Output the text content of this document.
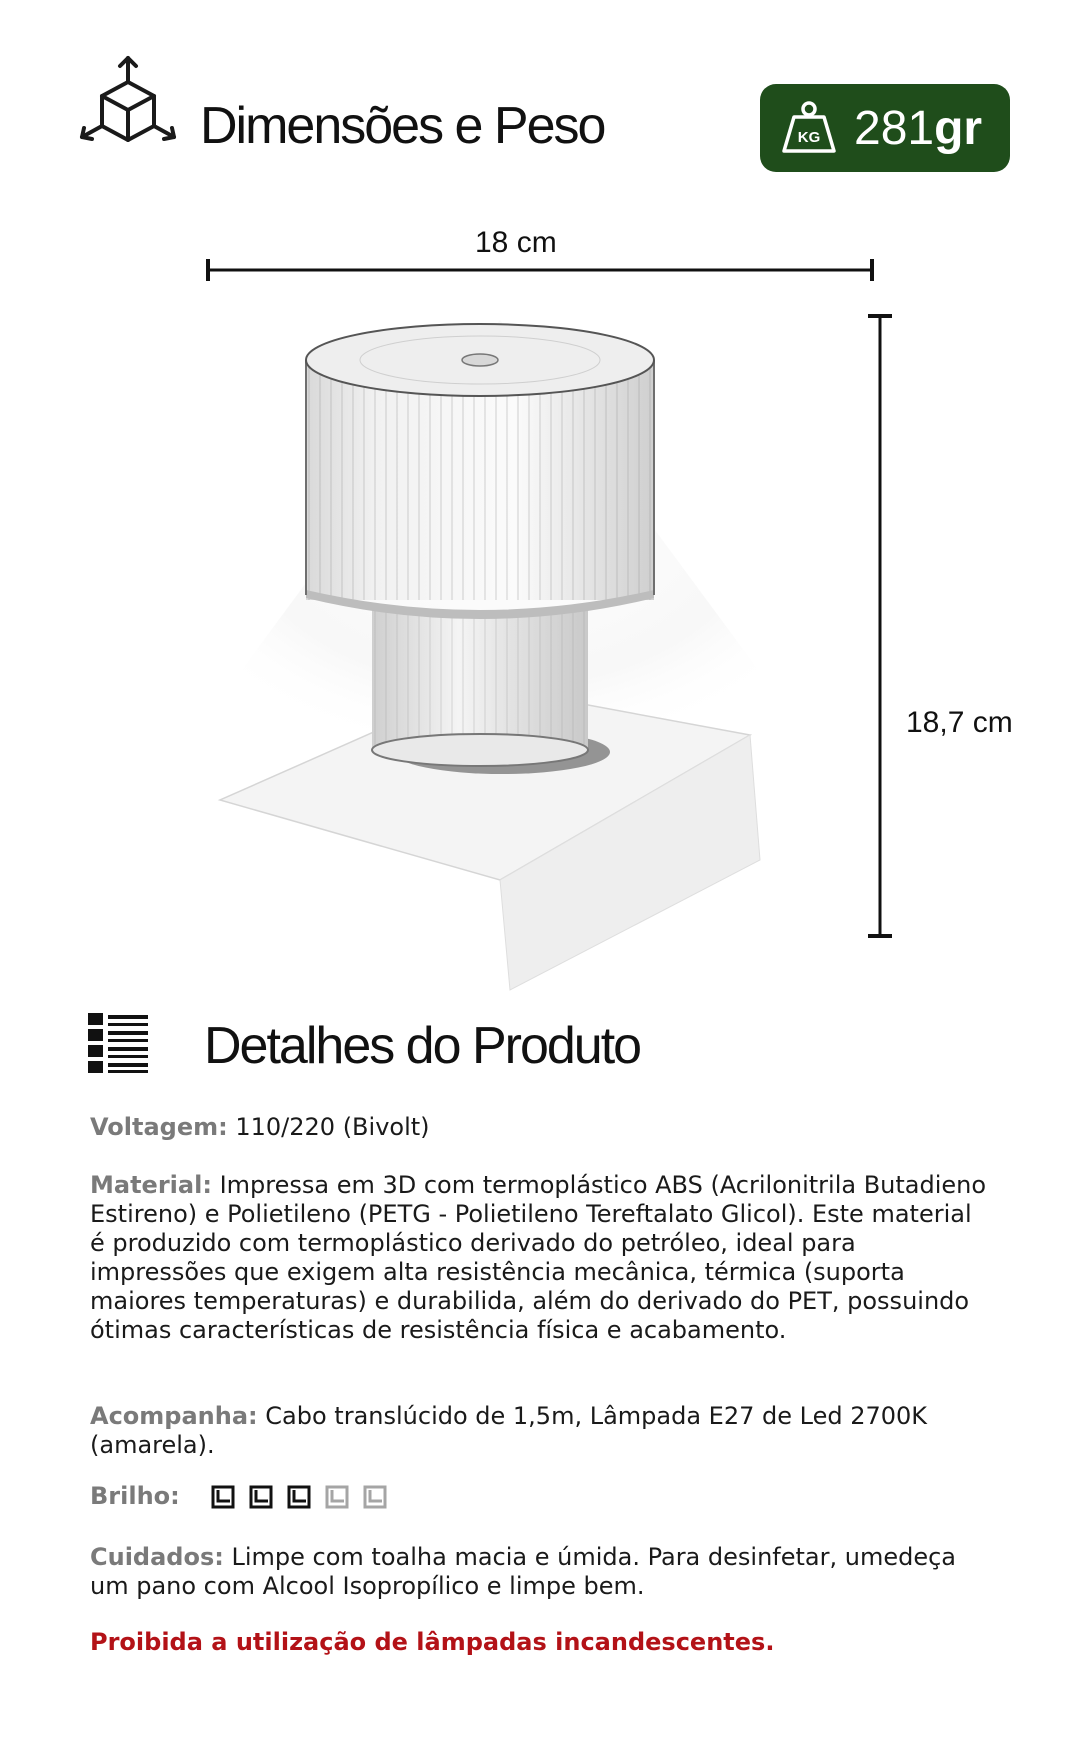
Dimensões e Peso	KG 281gr
18 cm
18,7 cm
Detalhes do Produto

Voltagem: 110/220 (Bivolt)

Material: Impressa em 3D com termoplástico ABS (Acrilonitrila Butadieno Estireno) e Polietileno (PETG - Polietileno Tereftalato Glicol). Este material é produzido com termoplástico derivado do petróleo, ideal para impressões que exigem alta resistência mecânica, térmica (suporta maiores temperaturas) e durabilida, além do derivado do PET, possuindo ótimas características de resistência física e acabamento.

Acompanha: Cabo translúcido de 1,5m, Lâmpada E27 de Led 2700K (amarela).

Brilho:

Cuidados: Limpe com toalha macia e úmida. Para desinfetar, umedeça um pano com Alcool Isopropílico e limpe bem.

Proibida a utilização de lâmpadas incandescentes.
